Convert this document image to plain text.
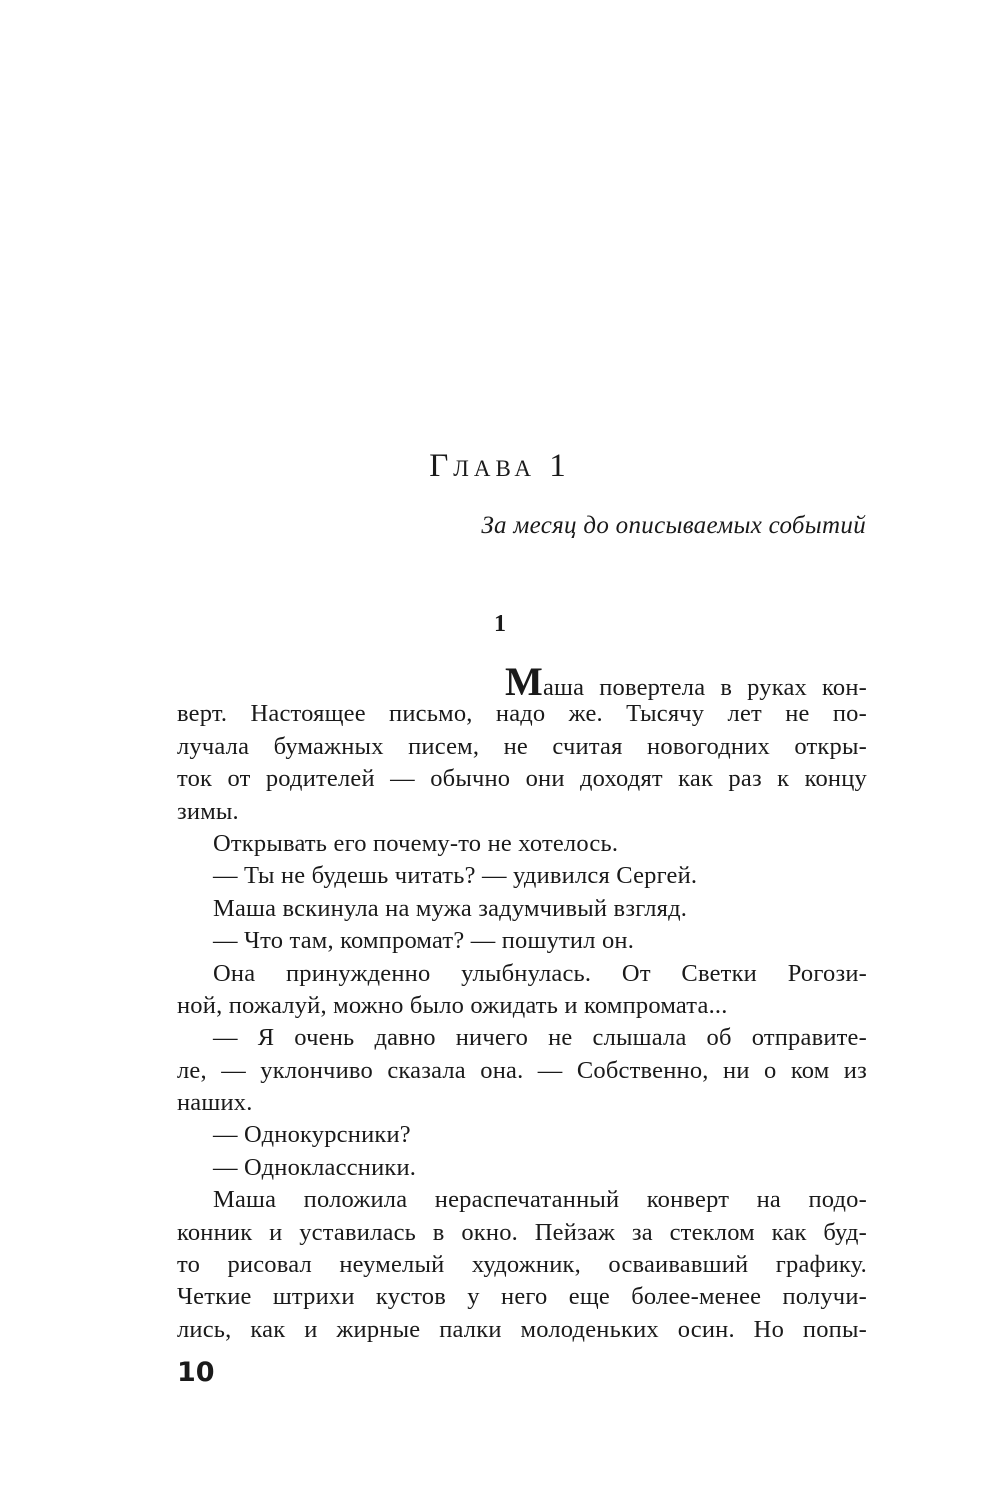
Глава 1
За месяц до описываемых событий
1
Маша повертела в руках кон-
верт. Настоящее письмо, надо же. Тысячу лет не по-
лучала бумажных писем, не считая новогодних откры-
ток от родителей — обычно они доходят как раз к концу
зимы.
Открывать его почему-то не хотелось.
— Ты не будешь читать? — удивился Сергей.
Маша вскинула на мужа задумчивый взгляд.
— Что там, компромат? — пошутил он.
Она принужденно улыбнулась. От Светки Рогози-
ной, пожалуй, можно было ожидать и компромата...
— Я очень давно ничего не слышала об отправите-
ле, — уклончиво сказала она. — Собственно, ни о ком из
наших.
— Однокурсники?
— Одноклассники.
Маша положила нераспечатанный конверт на подо-
конник и уставилась в окно. Пейзаж за стеклом как буд-
то рисовал неумелый художник, осваивавший графику.
Четкие штрихи кустов у него еще более-менее получи-
лись, как и жирные палки молоденьких осин. Но попы-
10
